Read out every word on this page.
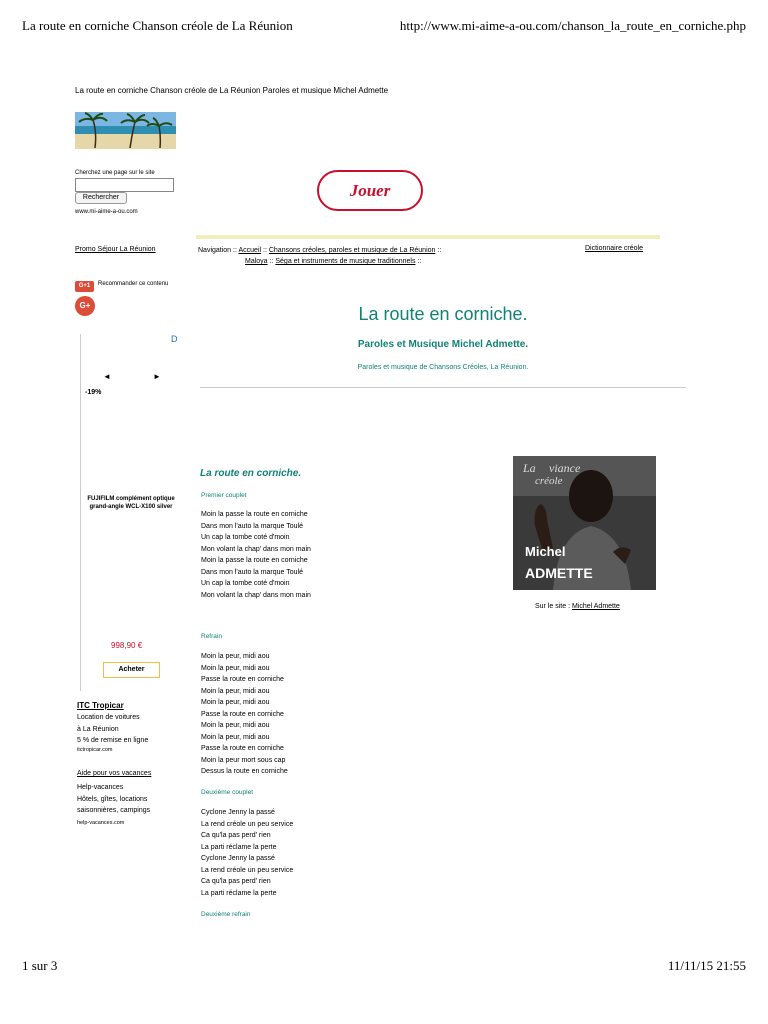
La route en corniche Chanson créole de La Réunion	http://www.mi-aime-a-ou.com/chanson_la_route_en_corniche.php
La route en corniche Chanson créole de La Réunion Paroles et musique Michel Admette
Cherchez une page sur le site
Rechercher
www.mi-aime-a-ou.com
Jouer
Promo Séjour La Réunion	Navigation :: Accueil :: Chansons créoles, paroles et musique de La Réunion ::
Maloya :: Séga et instruments de musique traditionnels ::
Dictionnaire créole
G+1	Recommander ce contenu
G+
D
◄	►
-19%
FUJIFILM complément optique grand-angle WCL-X100 silver
998,90 €
Acheter
ITC Tropicar
Location de voitures
à La Réunion
5 % de remise en ligne
itctropicar.com
Aide pour vos vacances
Help-vacances
Hôtels, gîtes, locations
saisonnières, campings
help-vacances.com
La route en corniche.
Paroles et Musique Michel Admette.
Paroles et musique de Chansons Créoles, La Réunion.
La route en corniche.
Premier couplet
Moin la passe la route en corniche
Dans mon l'auto la marque Toulé
Un cap la tombe coté d'moin
Mon volant la chap' dans mon main
Moin la passe la route en corniche
Dans mon l'auto la marque Toulé
Un cap la tombe coté d'moin
Mon volant la chap' dans mon main
Refrain
Moin la peur, midi aou
Moin la peur, midi aou
Passe la route en corniche
Moin la peur, midi aou
Moin la peur, midi aou
Passe la route en corniche
Moin la peur, midi aou
Moin la peur, midi aou
Passe la route en corniche
Moin la peur mort sous cap
Dessus la route en corniche
Deuxième couplet
Cyclone Jenny la passé
La rend créole un peu service
Ca qu'la pas perd' rien
La parti réclame la perte
Cyclone Jenny la passé
La rend créole un peu service
Ca qu'la pas perd' rien
La parti réclame la perte
Deuxième refrain
La viance
créole
Michel
ADMETTE
Sur le site : Michel Admette
1 sur 3	11/11/15 21:55
